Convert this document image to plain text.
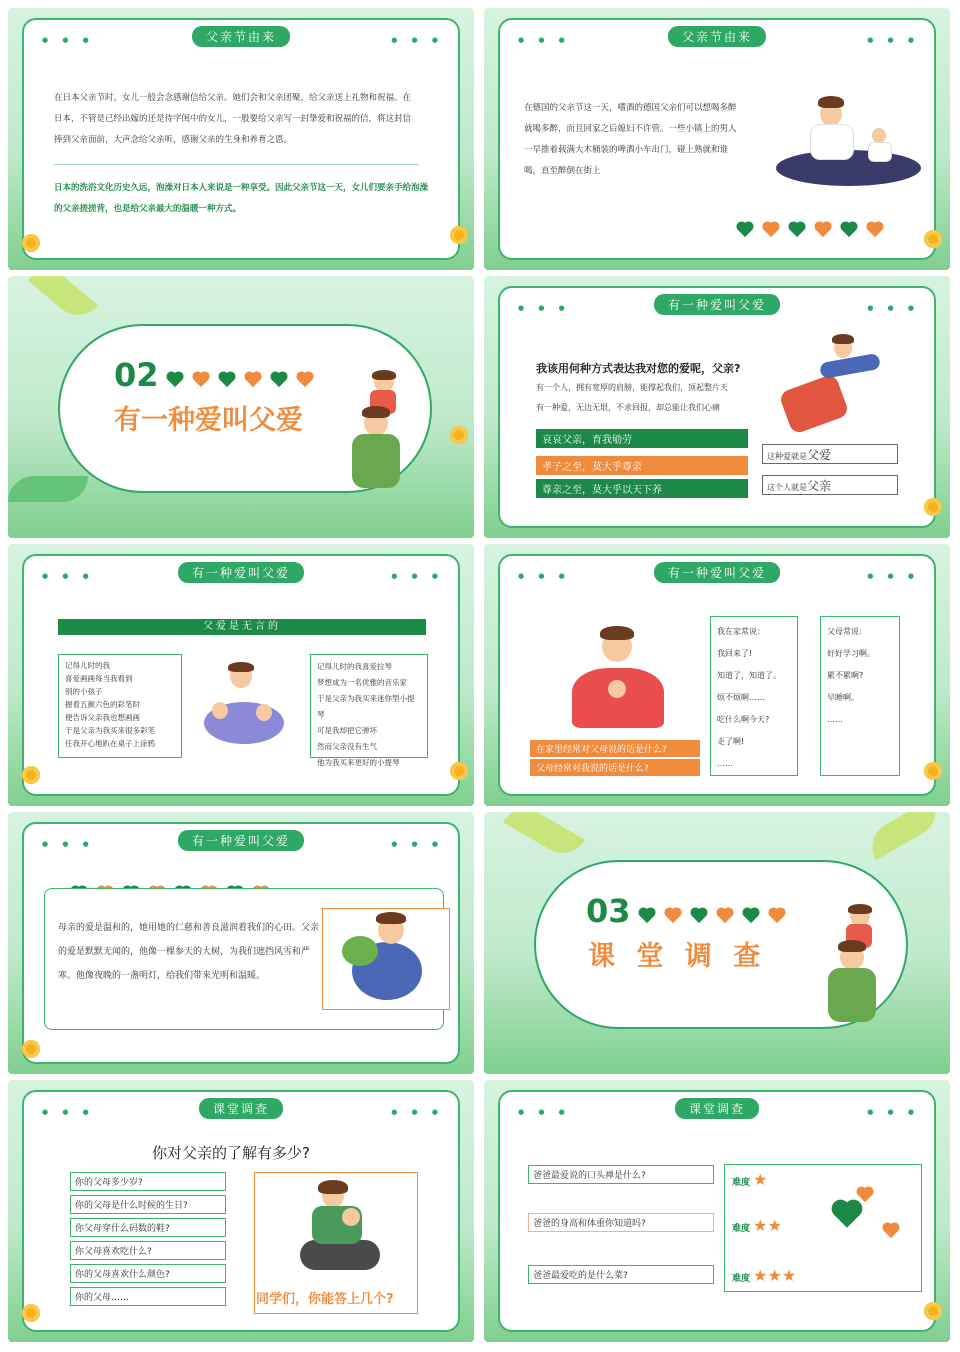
● ● ●	● ● ●
父亲节由来
在日本父亲节时，女儿一般会念感谢信给父亲。她们会和父亲团聚，给父亲送上礼物和祝福。在日本，不管是已经出嫁的还是待字闺中的女儿，一般要给父亲写一封挚爱和祝福的信，将这封信捧到父亲面前，大声念给父亲听，感谢父亲的生身和养育之恩。
日本的洗浴文化历史久远，泡澡对日本人来说是一种享受。因此父亲节这一天，女儿们要亲手给泡澡的父亲搓搓背，也是给父亲最大的温暖一种方式。
● ● ●	● ● ●
父亲节由来
在德国的父亲节这一天，嗜酒的德国父亲们可以想喝多醉就喝多醉，而且回家之后媳妇不许管。一些小镇上的男人一早推着载满大木桶装的啤酒小车出门，碰上熟就和谁喝，直至醉倒在街上
02
有一种爱叫父爱
● ● ●	● ● ●
有一种爱叫父爱
我该用何种方式表达我对您的爱呢，父亲?
有一个人，拥有宽厚的肩膀，能撑起我们，顶起整片天
有一种爱，无边无垠，不求回报，却总能让我们心痛
哀哀父亲，育我劬劳
孝子之至，莫大乎尊亲
尊亲之至，莫大乎以天下养
这种爱就是父爱
这个人就是父亲
● ● ●	● ● ●
有一种爱叫父爱
父爱是无言的
记得儿时的我
喜爱画画每当我看到
别的小孩子
握着五颜六色的彩笔时
便告诉父亲我也想画画
于是父亲为我买来很多彩笔
任我开心地趴在桌子上涂鸦
记得儿时的我喜爱拉琴
梦想成为一名优雅的音乐家
于是父亲为我买来迷你型小提琴
可是我却把它弹坏
然而父亲没有生气
他为我买来更好的小提琴
● ● ●	● ● ●
有一种爱叫父爱
在家里经常对父母说的话是什么?
父母经常对我说的话是什么?
我在家常说：
我回来了!
知道了，知道了。
烦不烦啊……
吃什么啊今天?
走了啊!
……
父母常说：
好好学习啊。
累不累啊?
早睡啊。
……
● ● ●	● ● ●
有一种爱叫父爱
母亲的爱是温和的，她用她的仁慈和善良滋润着我们的心田。父亲的爱是默默无闻的，他像一棵参天的大树，为我们遮挡风雪和严寒。他像夜晚的一盏明灯，给我们带来光明和温暖。
03
课 堂 调 查
● ● ●	● ● ●
课堂调查
你对父亲的了解有多少?
你的父母多少岁?
你的父母是什么时候的生日?
你父母穿什么码数的鞋?
你父母喜欢吃什么?
你的父母喜欢什么颜色?
你的父母……	同学们，你能答上几个?
● ● ●	● ● ●
课堂调查
爸爸最爱说的口头禅是什么?
爸爸的身高和体重你知道吗?
爸爸最爱吃的是什么菜?
难度 ★
难度 ★★
难度 ★★★
